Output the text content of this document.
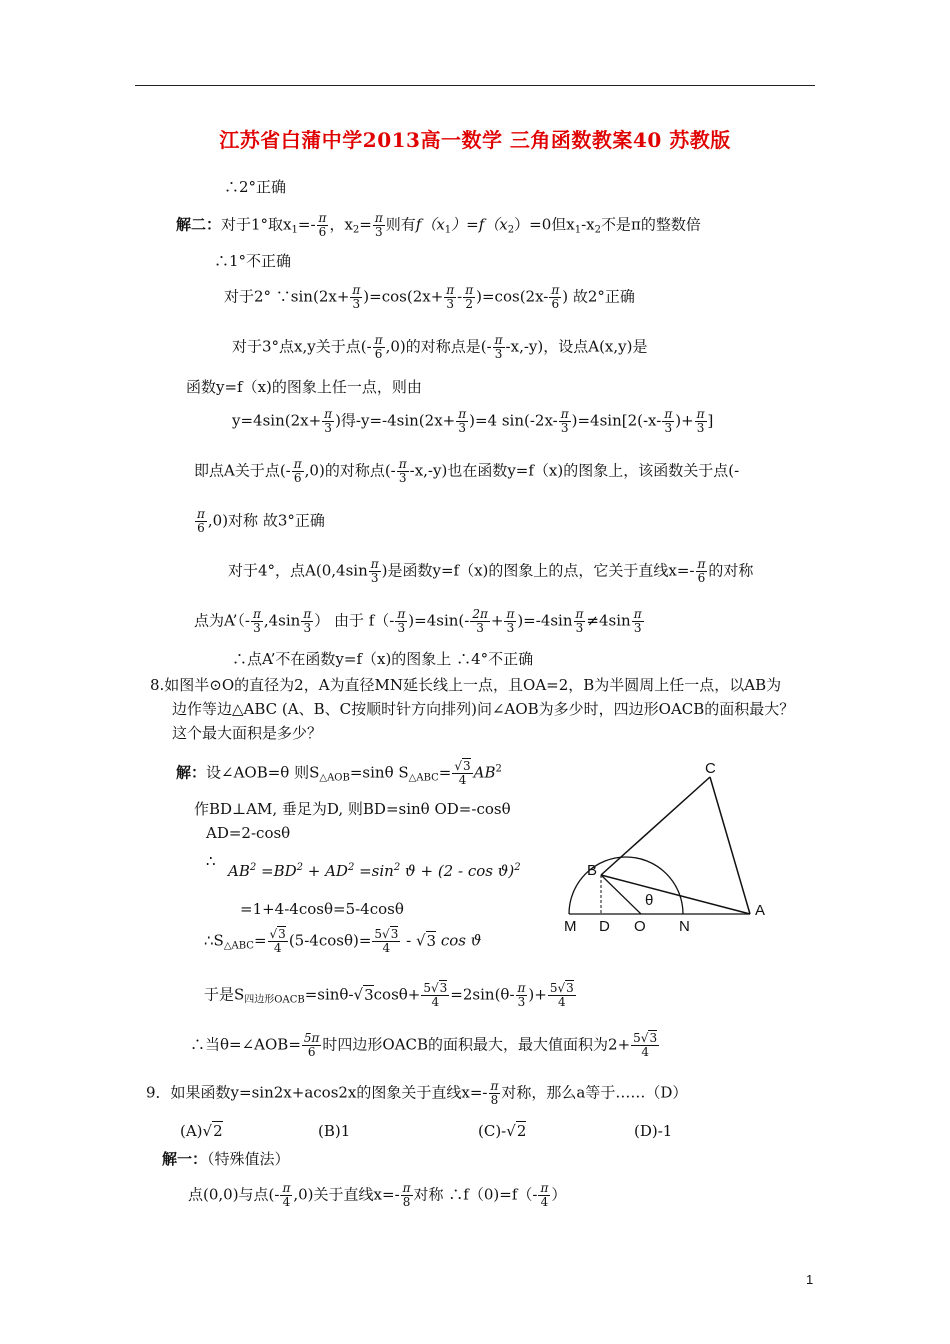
江苏省白蒲中学2013高一数学 三角函数教案40 苏教版
∴2°正确
解二：对于1°取$x_1=- \frac{\pi}{6}$ ，$x_2= \frac{\pi}{3}$ 则有$f(x_1)=f(x_2)=0$但$x_1-x_2$不是π的整数倍
∴1°不正确
对于2° ∵sin(2x+ $\frac{\pi}{3} )=\cos(2x+ \frac{\pi}{3} - \frac{\pi}{2} )=\cos(2x- \frac{\pi}{6}$ ) 故2°正确
对于3°点x,y关于点(- $\frac{\pi}{6} ,0$)的对称点是(- $\frac{\pi}{3} -x,-y$)，设点A(x,y)是
函数y=f（x)的图象上任一点，则由
$y=4\sin(2x+ \frac{\pi}{3}$ )得$-y=-4\sin(2x+ \frac{\pi}{3} )=4$ $\sin(-2x- \frac{\pi}{3} )=4\sin[2(-x- \frac{\pi}{3}$ )+ $\frac{\pi}{3}$ ]
即点A关于点(- $\frac{\pi}{6} ,0$)的对称点(- $\frac{\pi}{3} -x,-y$)也在函数y=f（x)的图象上，该函数关于点(-
$\frac{\pi}{6} ,0$)对称 故3°正确
对于4°，点$A(0,4\sin \frac{\pi}{3}$ )是函数y=f（x)的图象上的点，它关于直线$x=- \frac{\pi}{6}$ 的对称
点为A’（- $\frac{\pi}{3} ,4\sin \frac{\pi}{3}$ ） 由于 $f(- \frac{\pi}{3} )=4\sin(- \frac{2\pi}{3} + \frac{\pi}{3} )=-4\sin \frac{\pi}{3} \ne 4\sin \frac{\pi}{3}$
∴点A’不在函数y=f（x)的图象上 ∴4°不正确
8.如图半⊙O的直径为2，A为直径MN延长线上一点，且OA=2，B为半圆周上任一点，以AB为
边作等边△ABC (A、B、C按顺时针方向排列)问∠AOB为多少时，四边形OACB的面积最大？
这个最大面积是多少？
解：设∠AOB=θ 则$S_{\triangle AOB}=\sin\theta$ $S_{\triangle ABC}= \frac{√3}{4} AB^2$
作BD⊥AM, 垂足为D, 则BD=sinθ OD=-cosθ
AD=2-cosθ
∴
$AB^2 =BD^2 + AD^2 =\sin^2$ ϑ + (2 - cos ϑ)$^2$
=1+4-4cosθ=5-4cosθ
$\therefore S_{\triangle ABC}= \frac{√3}{4} (5-4\cos\theta)= \frac{5√3}{4} - √3$ cos ϑ
于是$S_{四边形OACB}=\sin\theta-√3\cos\theta+ \frac{5√3}{4} =2\sin(\theta- \frac{\pi}{3}$ )+ $\frac{5√3}{4}$
∴当θ=∠AOB= $\frac{5\pi}{6}$ 时四边形OACB的面积最大，最大值面积为$2+ \frac{5√3}{4}$
9．如果函数y=sin2x+acos2x的图象关于直线$x=- \frac{\pi}{8}$ 对称，那么a等于……（D）
(A)√2	(B)1	(C)-√2	(D)-1
解一：（特殊值法）
点(0,0)与点(- $\frac{\pi}{4} ,0$)关于直线$x=- \frac{\pi}{8}$ 对称 ∴f（0)=f（- $\frac{\pi}{4}$ ）
C
B
θ
A
M D O N
1
